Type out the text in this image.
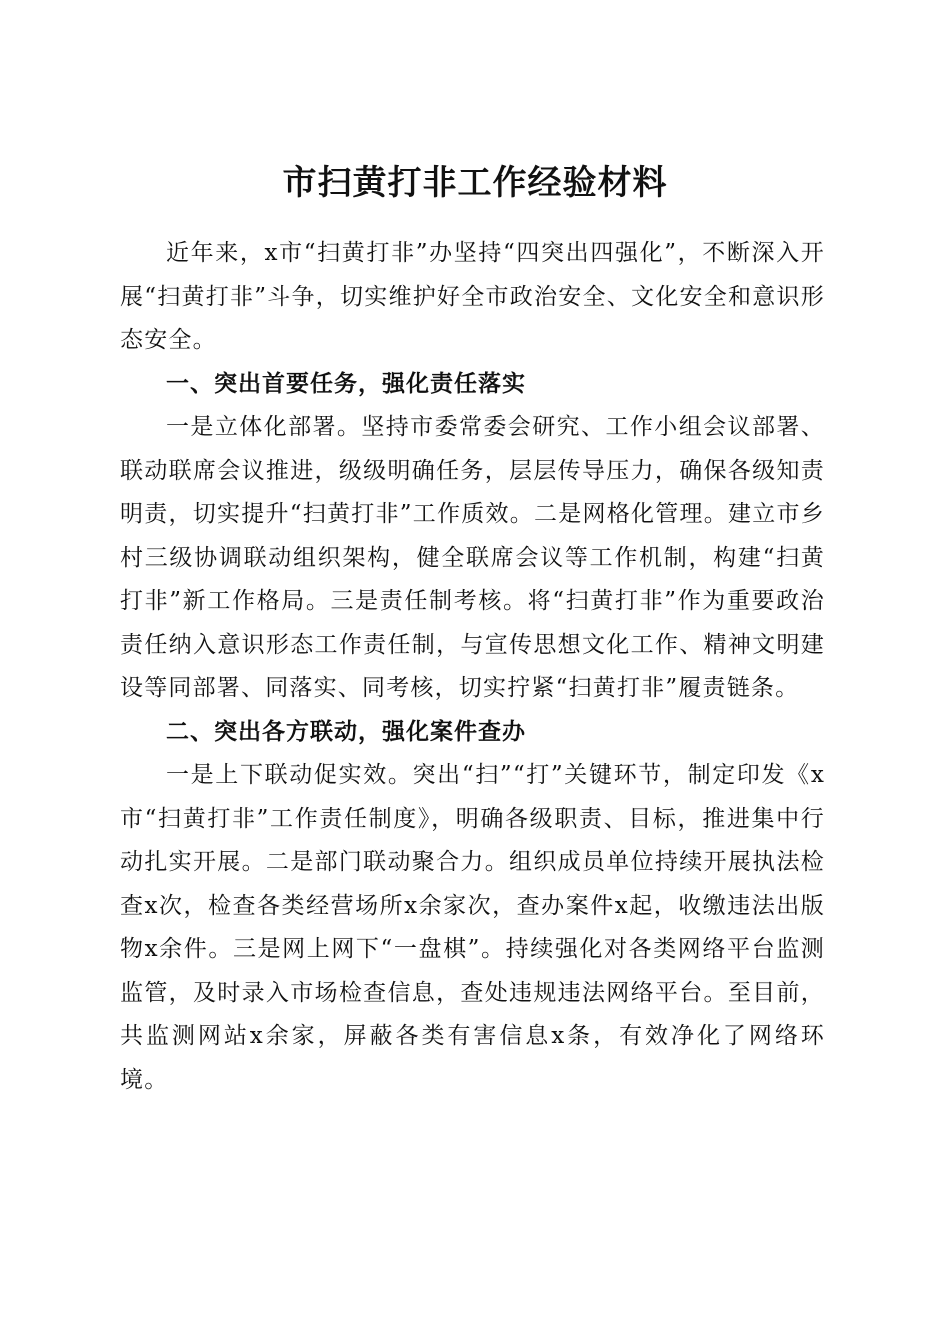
市扫黄打非工作经验材料

近年来，x市“扫黄打非”办坚持“四突出四强化”，不断深入开展“扫黄打非”斗争，切实维护好全市政治安全、文化安全和意识形态安全。

一、突出首要任务，强化责任落实

一是立体化部署。坚持市委常委会研究、工作小组会议部署、联动联席会议推进，级级明确任务，层层传导压力，确保各级知责明责，切实提升“扫黄打非”工作质效。二是网格化管理。建立市乡村三级协调联动组织架构，健全联席会议等工作机制，构建“扫黄打非”新工作格局。三是责任制考核。将“扫黄打非”作为重要政治责任纳入意识形态工作责任制，与宣传思想文化工作、精神文明建设等同部署、同落实、同考核，切实拧紧“扫黄打非”履责链条。

二、突出各方联动，强化案件查办

一是上下联动促实效。突出“扫”“打”关键环节，制定印发《x市“扫黄打非”工作责任制度》，明确各级职责、目标，推进集中行动扎实开展。二是部门联动聚合力。组织成员单位持续开展执法检查x次，检查各类经营场所x余家次，查办案件x起，收缴违法出版物x余件。三是网上网下“一盘棋”。持续强化对各类网络平台监测监管，及时录入市场检查信息，查处违规违法网络平台。至目前，共监测网站x余家，屏蔽各类有害信息x条，有效净化了网络环境。
